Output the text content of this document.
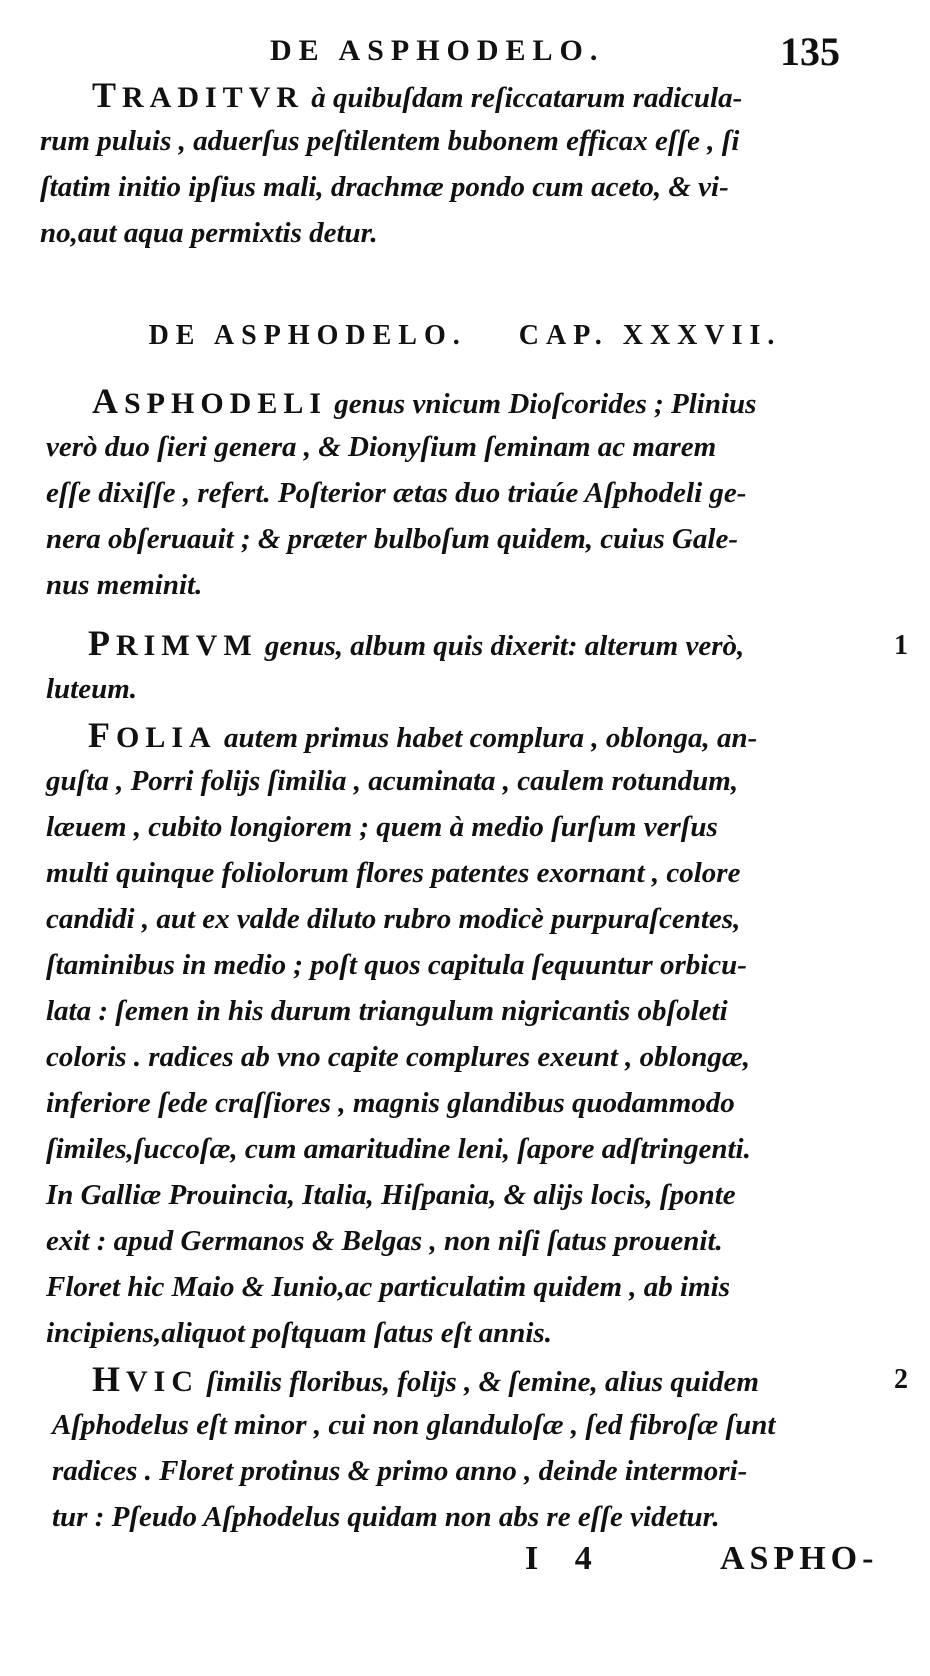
DE ASPHODELO.	135
TRADITVR à quibuſdam reſiccatarum radicula-
rum puluis , aduerſus peſtilentem bubonem efficax eſſe , ſi
ſtatim initio ipſius mali, drachmæ pondo cum aceto, & vi-
no,aut aqua permixtis detur.
DE ASPHODELO. CAP. XXXVII.
ASPHODELI genus vnicum Dioſcorides ; Plinius
verò duo ſieri genera , & Dionyſium ſeminam ac marem
eſſe dixiſſe , refert. Poſterior ætas duo triaúe Aſphodeli ge-
nera obſeruauit ; & præter bulboſum quidem, cuius Gale-
nus meminit.
PRIMVM genus, album quis dixerit: alterum verò,
luteum.
1
FOLIA autem primus habet complura , oblonga, an-
guſta , Porri folijs ſimilia , acuminata , caulem rotundum,
læuem , cubito longiorem ; quem à medio ſurſum verſus
multi quinque foliolorum flores patentes exornant , colore
candidi , aut ex valde diluto rubro modicè purpuraſcentes,
ſtaminibus in medio ; poſt quos capitula ſequuntur orbicu-
lata : ſemen in his durum triangulum nigricantis obſoleti
coloris . radices ab vno capite complures exeunt , oblongæ,
inferiore ſede craſſiores , magnis glandibus quodammodo
ſimiles,ſuccoſæ, cum amaritudine leni, ſapore adſtringenti.
In Galliæ Prouincia, Italia, Hiſpania, & alijs locis, ſponte
exit : apud Germanos & Belgas , non niſi ſatus prouenit.
Floret hic Maio & Iunio,ac particulatim quidem , ab imis
incipiens,aliquot poſtquam ſatus eſt annis.
HVIC ſimilis floribus, folijs , & ſemine, alius quidem
Aſphodelus eſt minor , cui non glanduloſæ , ſed fibroſæ ſunt
radices . Floret protinus & primo anno , deinde intermori-
tur : Pſeudo Aſphodelus quidam non abs re eſſe videtur.
2
I 4	ASPHO-
